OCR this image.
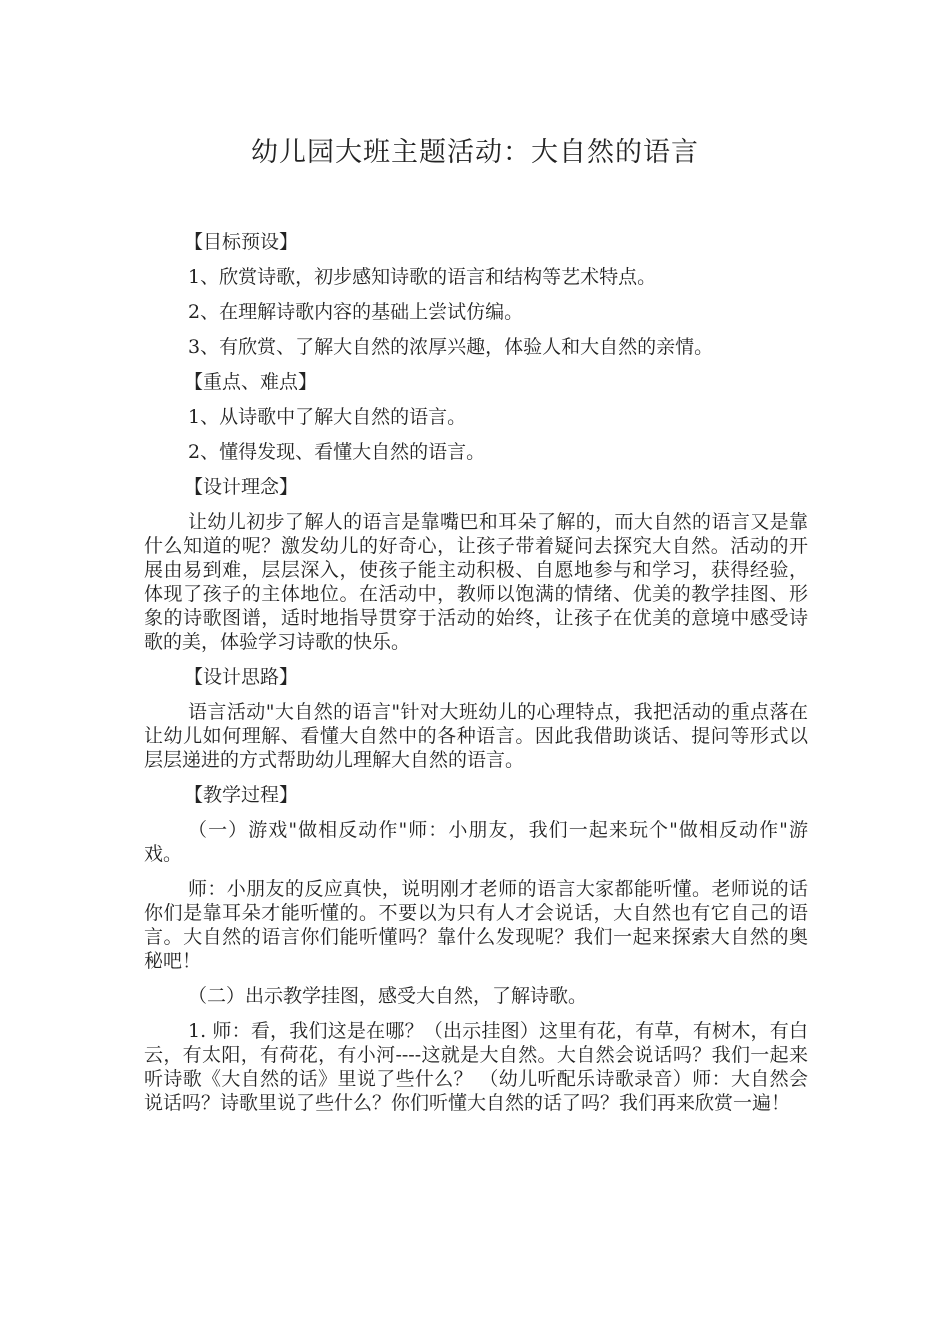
幼儿园大班主题活动：大自然的语言
【目标预设】
1、欣赏诗歌，初步感知诗歌的语言和结构等艺术特点。
2、在理解诗歌内容的基础上尝试仿编。
3、有欣赏、了解大自然的浓厚兴趣，体验人和大自然的亲情。
【重点、难点】
1、从诗歌中了解大自然的语言。
2、懂得发现、看懂大自然的语言。
【设计理念】
让幼儿初步了解人的语言是靠嘴巴和耳朵了解的，而大自然的语言又是靠什么知道的呢？激发幼儿的好奇心，让孩子带着疑问去探究大自然。活动的开展由易到难，层层深入，使孩子能主动积极、自愿地参与和学习，获得经验，体现了孩子的主体地位。在活动中，教师以饱满的情绪、优美的教学挂图、形象的诗歌图谱，适时地指导贯穿于活动的始终，让孩子在优美的意境中感受诗歌的美，体验学习诗歌的快乐。
【设计思路】
语言活动"大自然的语言"针对大班幼儿的心理特点，我把活动的重点落在让幼儿如何理解、看懂大自然中的各种语言。因此我借助谈话、提问等形式以层层递进的方式帮助幼儿理解大自然的语言。
【教学过程】
（一）游戏"做相反动作"师：小朋友，我们一起来玩个"做相反动作"游戏。
师：小朋友的反应真快，说明刚才老师的语言大家都能听懂。老师说的话你们是靠耳朵才能听懂的。不要以为只有人才会说话，大自然也有它自己的语言。大自然的语言你们能听懂吗？靠什么发现呢？我们一起来探索大自然的奥秘吧！
（二）出示教学挂图，感受大自然，了解诗歌。
1. 师：看，我们这是在哪？（出示挂图）这里有花，有草，有树木，有白云，有太阳，有荷花，有小河----这就是大自然。大自然会说话吗？我们一起来听诗歌《大自然的话》里说了些什么？ （幼儿听配乐诗歌录音）师：大自然会说话吗？诗歌里说了些什么？你们听懂大自然的话了吗？我们再来欣赏一遍！
